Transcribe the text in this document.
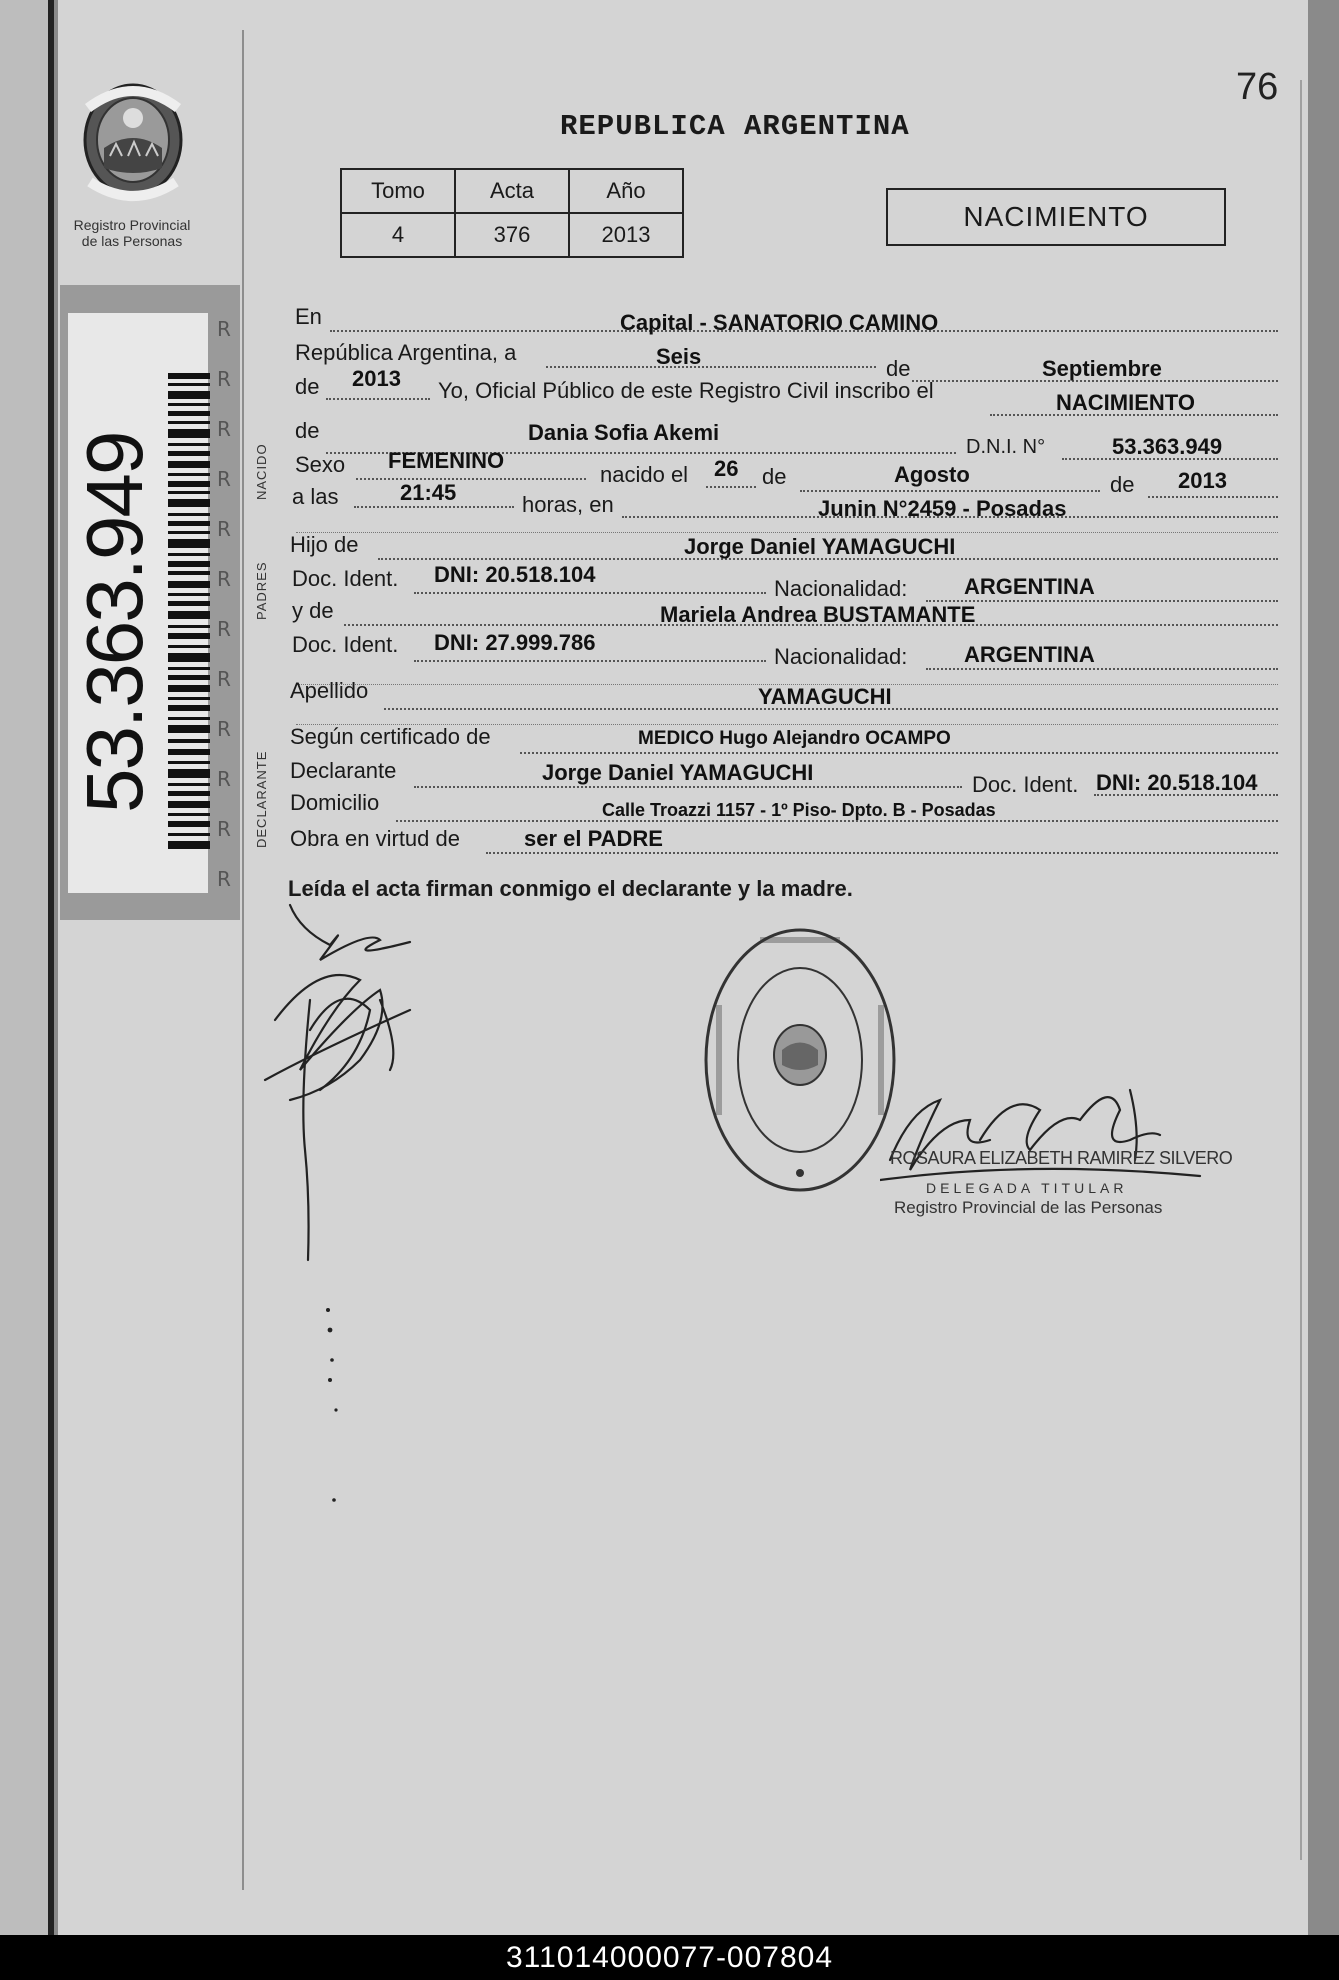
Registro Provincial
de las Personas
53.363.949
R
R
R
R
R
R
R
R
R
R
R
R
NACIDO
PADRES
DECLARANTE
76
REPUBLICA ARGENTINA
Tomo	Acta	Año
4	376	2013
NACIMIENTO
En	Capital - SANATORIO CAMINO
República Argentina, a	Seis	de	Septiembre
de 2013 Yo, Oficial Público de este Registro Civil inscribo el	NACIMIENTO
de	Dania Sofia Akemi
D.N.I. N°	53.363.949
Sexo FEMENINO
nacido el 26 de	Agosto	de 2013
a las	21:45	horas, en	Junin N°2459 - Posadas
Hijo de	Jorge Daniel YAMAGUCHI
Doc. Ident. DNI: 20.518.104
Nacionalidad:	ARGENTINA
y de	Mariela Andrea BUSTAMANTE
Doc. Ident. DNI: 27.999.786
Nacionalidad:	ARGENTINA
Apellido	YAMAGUCHI
Según certificado de	MEDICO Hugo Alejandro OCAMPO
Declarante	Jorge Daniel YAMAGUCHI	Doc. Ident. DNI: 20.518.104
Domicilio	Calle Troazzi 1157 - 1º Piso- Dpto. B - Posadas
Obra en virtud de	ser el PADRE
Leída el acta firman conmigo el declarante y la madre.
ROSAURA ELIZABETH RAMIREZ SILVERO
DELEGADA TITULAR
Registro Provincial de las Personas
311014000077-007804
